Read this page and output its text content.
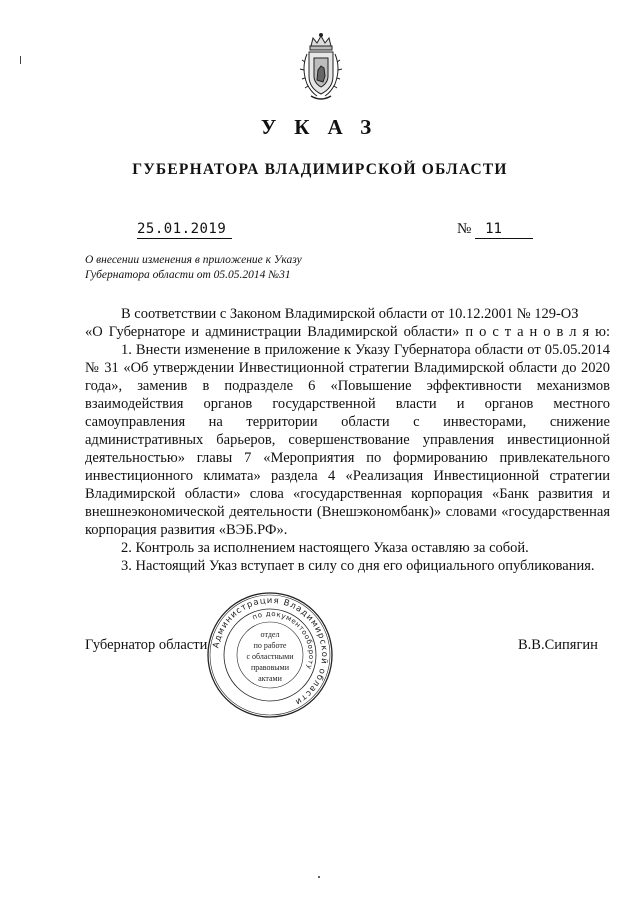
УКАЗ
ГУБЕРНАТОРА ВЛАДИМИРСКОЙ ОБЛАСТИ
25.01.2019	№ 11
О внесении изменения в приложение к Указу
Губернатора области от 05.05.2014 №31

В соответствии с Законом Владимирской области от 10.12.2001 № 129-ОЗ

«О Губернаторе и администрации Владимирской области» п о с т а н о в л я ю:

1. Внести изменение в приложение к Указу Губернатора области от 05.05.2014 № 31 «Об утверждении Инвестиционной стратегии Владимирской области до 2020 года», заменив в подразделе 6 «Повышение эффективности механизмов взаимодействия органов государственной власти и органов местного самоуправления на территории области с инвесторами, снижение административных барьеров, совершенствование управления инвестиционной деятельностью» главы 7 «Мероприятия по формированию привлекательного инвестиционного климата» раздела 4 «Реализация Инвестиционной стратегии Владимирской области» слова «государственная корпорация «Банк развития и внешнеэкономической деятельности (Внешэкономбанк)» словами «государственная корпорация развития «ВЭБ.РФ».

2. Контроль за исполнением настоящего Указа оставляю за собой.

3. Настоящий Указ вступает в силу со дня его официального опубликования.

Администрация Владимирской области
по документообороту
отдел
по работе
с областными
правовыми
актами
Губернатор области	В.В.Сипягин
